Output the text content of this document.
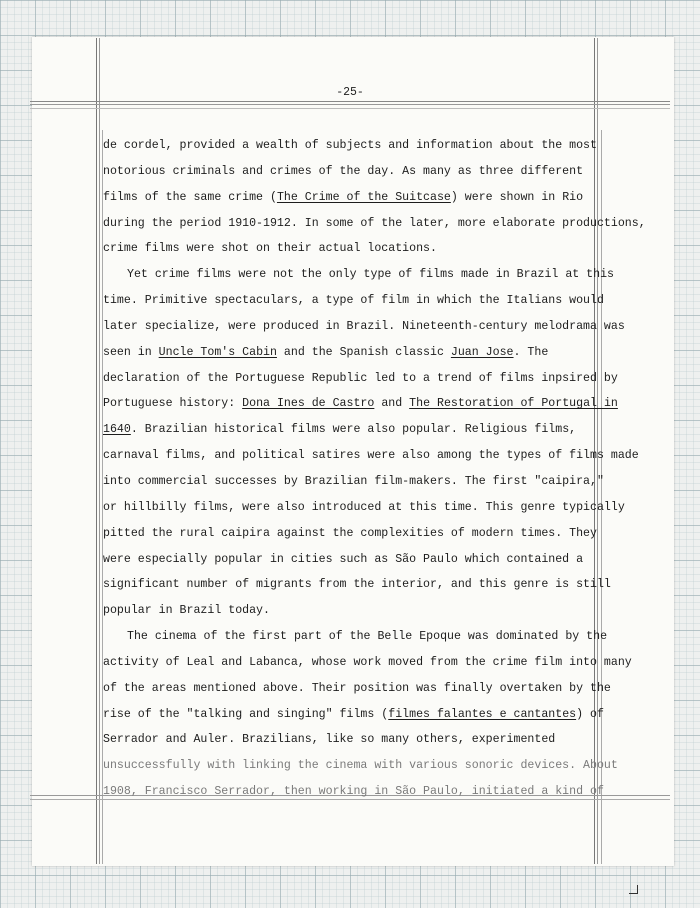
-25-
de cordel, provided a wealth of subjects and information about the most
notorious criminals and crimes of the day. As many as three different
films of the same crime (The Crime of the Suitcase) were shown in Rio
during the period 1910-1912. In some of the later, more elaborate productions,
crime films were shot on their actual locations.
Yet crime films were not the only type of films made in Brazil at this
time. Primitive spectaculars, a type of film in which the Italians would
later specialize, were produced in Brazil. Nineteenth-century melodrama was
seen in Uncle Tom's Cabin and the Spanish classic Juan Jose. The
declaration of the Portuguese Republic led to a trend of films inpsired by
Portuguese history: Dona Ines de Castro and The Restoration of Portugal in
1640. Brazilian historical films were also popular. Religious films,
carnaval films, and political satires were also among the types of films made
into commercial successes by Brazilian film-makers. The first "caipira,"
or hillbilly films, were also introduced at this time. This genre typically
pitted the rural caipira against the complexities of modern times. They
were especially popular in cities such as São Paulo which contained a
significant number of migrants from the interior, and this genre is still
popular in Brazil today.
The cinema of the first part of the Belle Epoque was dominated by the
activity of Leal and Labanca, whose work moved from the crime film into many
of the areas mentioned above. Their position was finally overtaken by the
rise of the "talking and singing" films (filmes falantes e cantantes) of
Serrador and Auler. Brazilians, like so many others, experimented
unsuccessfully with linking the cinema with various sonoric devices. About
1908, Francisco Serrador, then working in São Paulo, initiated a kind of
